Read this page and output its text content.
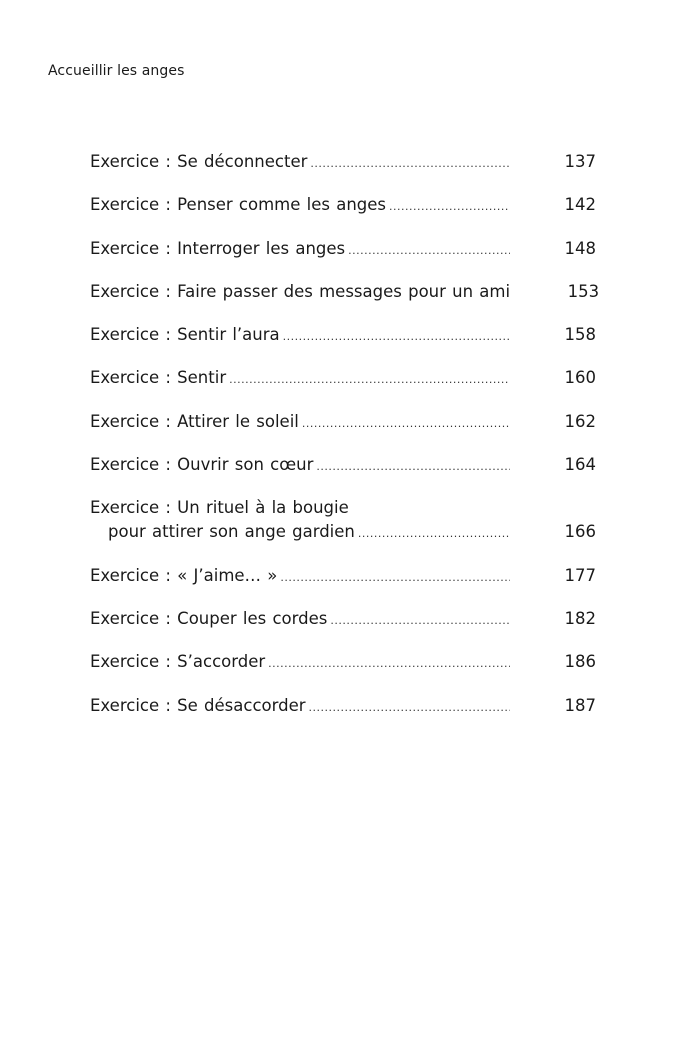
Accueillir les anges
Exercice : Se déconnecter .....	137
Exercice : Penser comme les anges .....	142
Exercice : Interroger les anges .....	148
Exercice : Faire passer des messages pour un ami	153
Exercice : Sentir l’aura .....	158
Exercice : Sentir .....	160
Exercice : Attirer le soleil .....	162
Exercice : Ouvrir son cœur .....	164
Exercice : Un rituel à la bougie
pour attirer son ange gardien .....	166
Exercice : « J’aime… » .....	177
Exercice : Couper les cordes .....	182
Exercice : S’accorder .....	186
Exercice : Se désaccorder .....	187
